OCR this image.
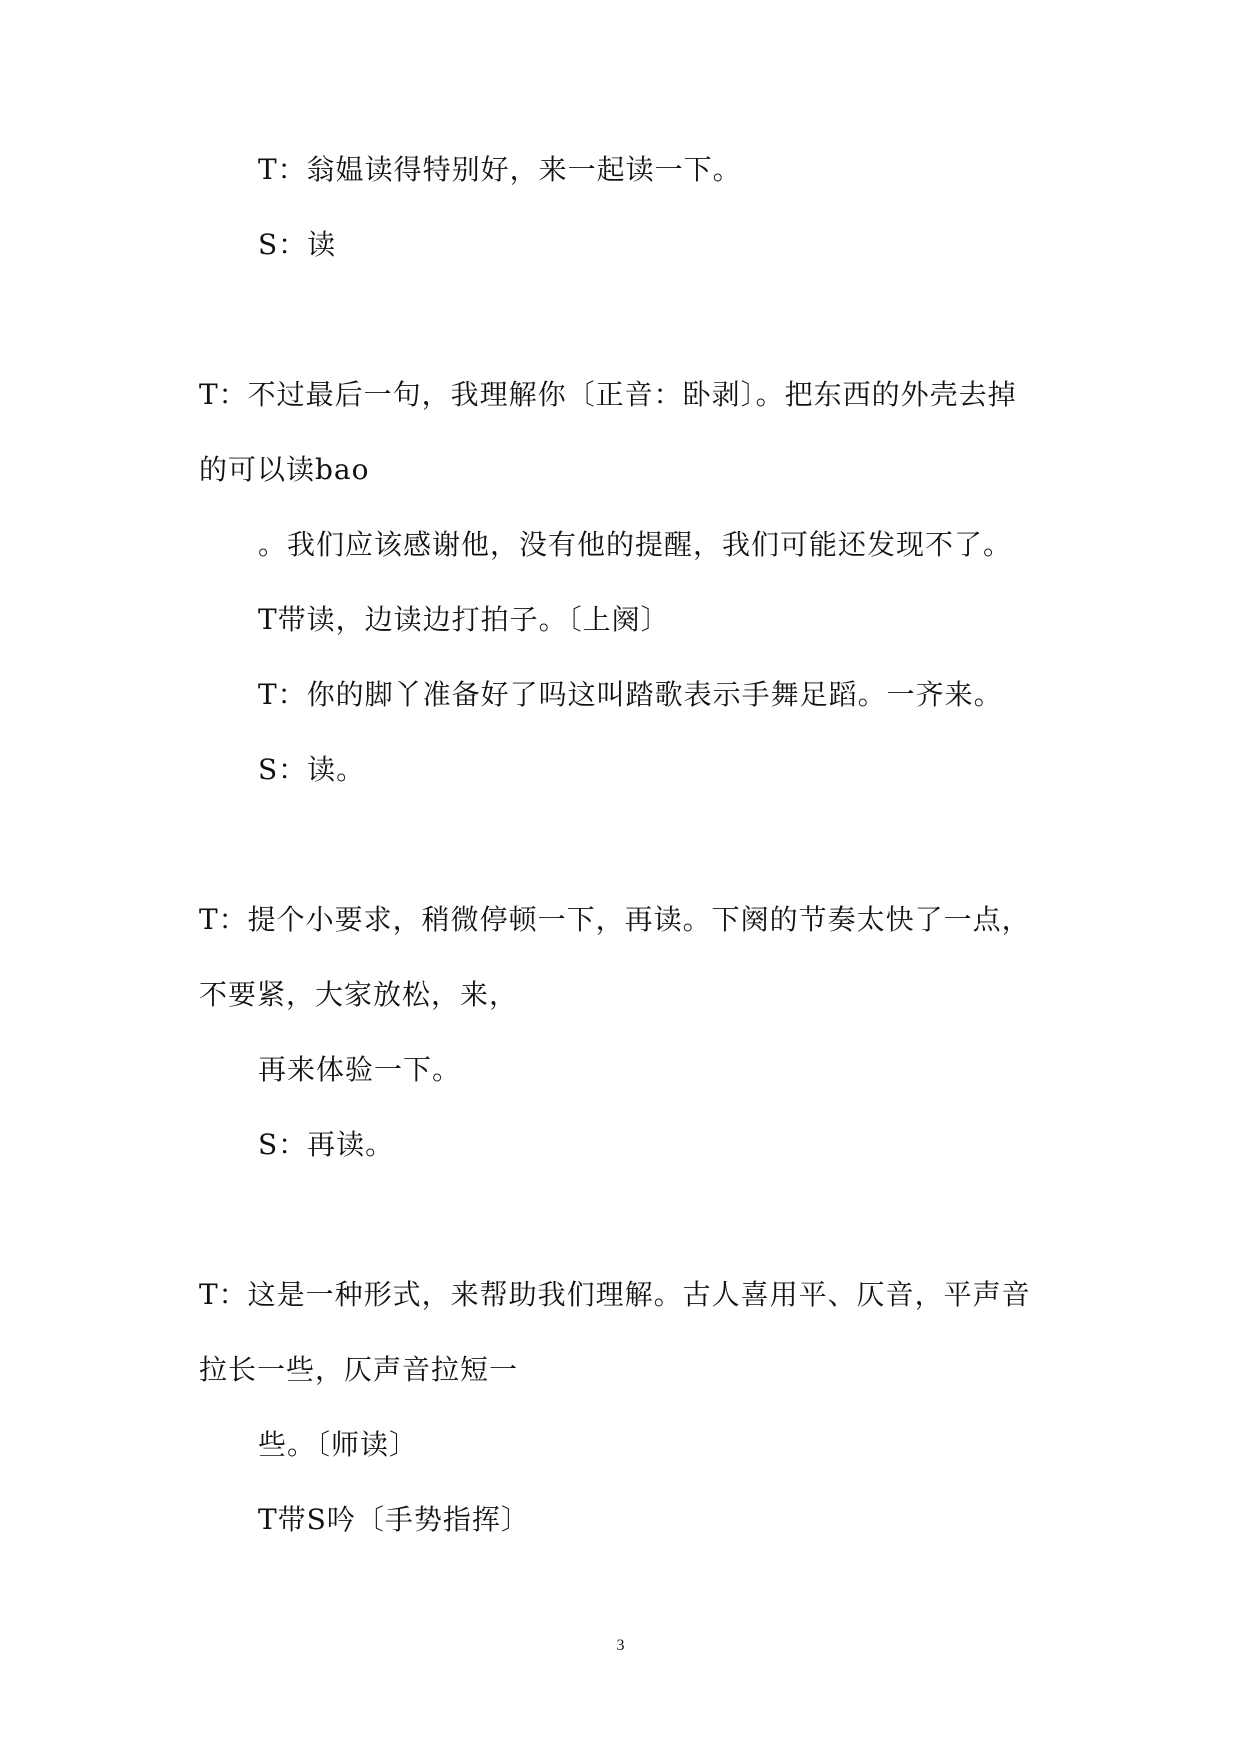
T：翁媪读得特别好，来一起读一下。
S：读
T：不过最后一句，我理解你〔正音：卧剥〕。把东西的外壳去掉
的可以读bao
。我们应该感谢他，没有他的提醒，我们可能还发现不了。
T带读，边读边打拍子。〔上阕〕
T：你的脚丫准备好了吗这叫踏歌表示手舞足蹈。一齐来。
S：读。
T：提个小要求，稍微停顿一下，再读。下阕的节奏太快了一点，
不要紧，大家放松，来，
再来体验一下。
S：再读。
T：这是一种形式，来帮助我们理解。古人喜用平、仄音，平声音
拉长一些，仄声音拉短一
些。〔师读〕
T带S吟〔手势指挥〕
3
